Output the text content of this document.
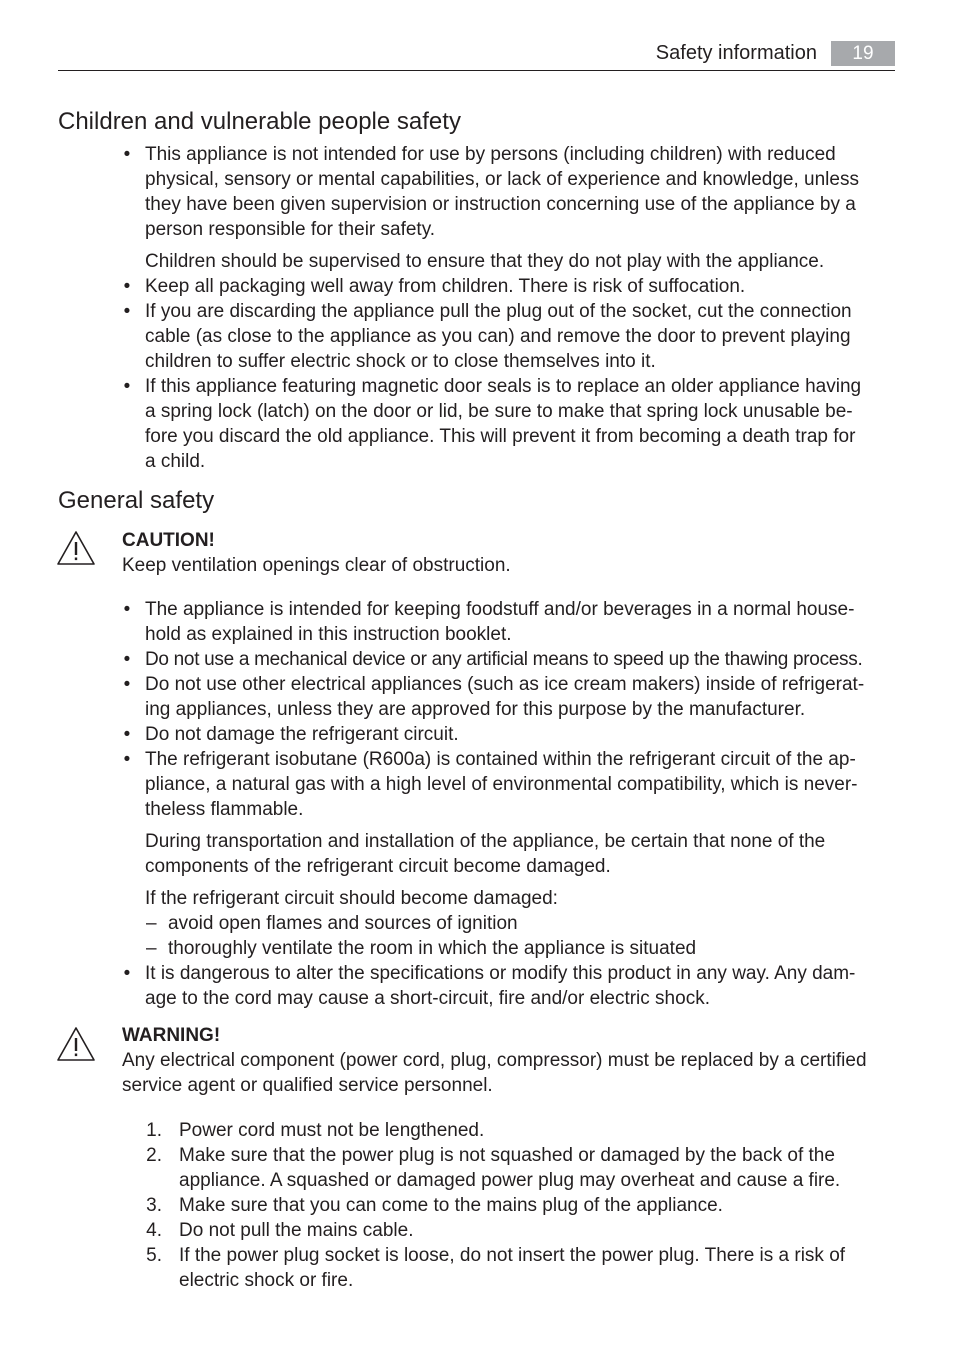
Safety information	19
Children and vulnerable people safety
• This appliance is not intended for use by persons (including children) with reduced
physical, sensory or mental capabilities, or lack of experience and knowledge, unless
they have been given supervision or instruction concerning use of the appliance by a
person responsible for their safety.
Children should be supervised to ensure that they do not play with the appliance.
• Keep all packaging well away from children. There is risk of suffocation.
• If you are discarding the appliance pull the plug out of the socket, cut the connection
cable (as close to the appliance as you can) and remove the door to prevent playing
children to suffer electric shock or to close themselves into it.
• If this appliance featuring magnetic door seals is to replace an older appliance having
a spring lock (latch) on the door or lid, be sure to make that spring lock unusable be-
fore you discard the old appliance. This will prevent it from becoming a death trap for
a child.
General safety
CAUTION!
Keep ventilation openings clear of obstruction.
• The appliance is intended for keeping foodstuff and/or beverages in a normal house-
hold as explained in this instruction booklet.
• Do not use a mechanical device or any artificial means to speed up the thawing process.
• Do not use other electrical appliances (such as ice cream makers) inside of refrigerat-
ing appliances, unless they are approved for this purpose by the manufacturer.
• Do not damage the refrigerant circuit.
• The refrigerant isobutane (R600a) is contained within the refrigerant circuit of the ap-
pliance, a natural gas with a high level of environmental compatibility, which is never-
theless flammable.
During transportation and installation of the appliance, be certain that none of the
components of the refrigerant circuit become damaged.
If the refrigerant circuit should become damaged:
– avoid open flames and sources of ignition
– thoroughly ventilate the room in which the appliance is situated
• It is dangerous to alter the specifications or modify this product in any way. Any dam-
age to the cord may cause a short-circuit, fire and/or electric shock.
WARNING!
Any electrical component (power cord, plug, compressor) must be replaced by a certified
service agent or qualified service personnel.
1. Power cord must not be lengthened.
2. Make sure that the power plug is not squashed or damaged by the back of the
appliance. A squashed or damaged power plug may overheat and cause a fire.
3. Make sure that you can come to the mains plug of the appliance.
4. Do not pull the mains cable.
5. If the power plug socket is loose, do not insert the power plug. There is a risk of
electric shock or fire.
